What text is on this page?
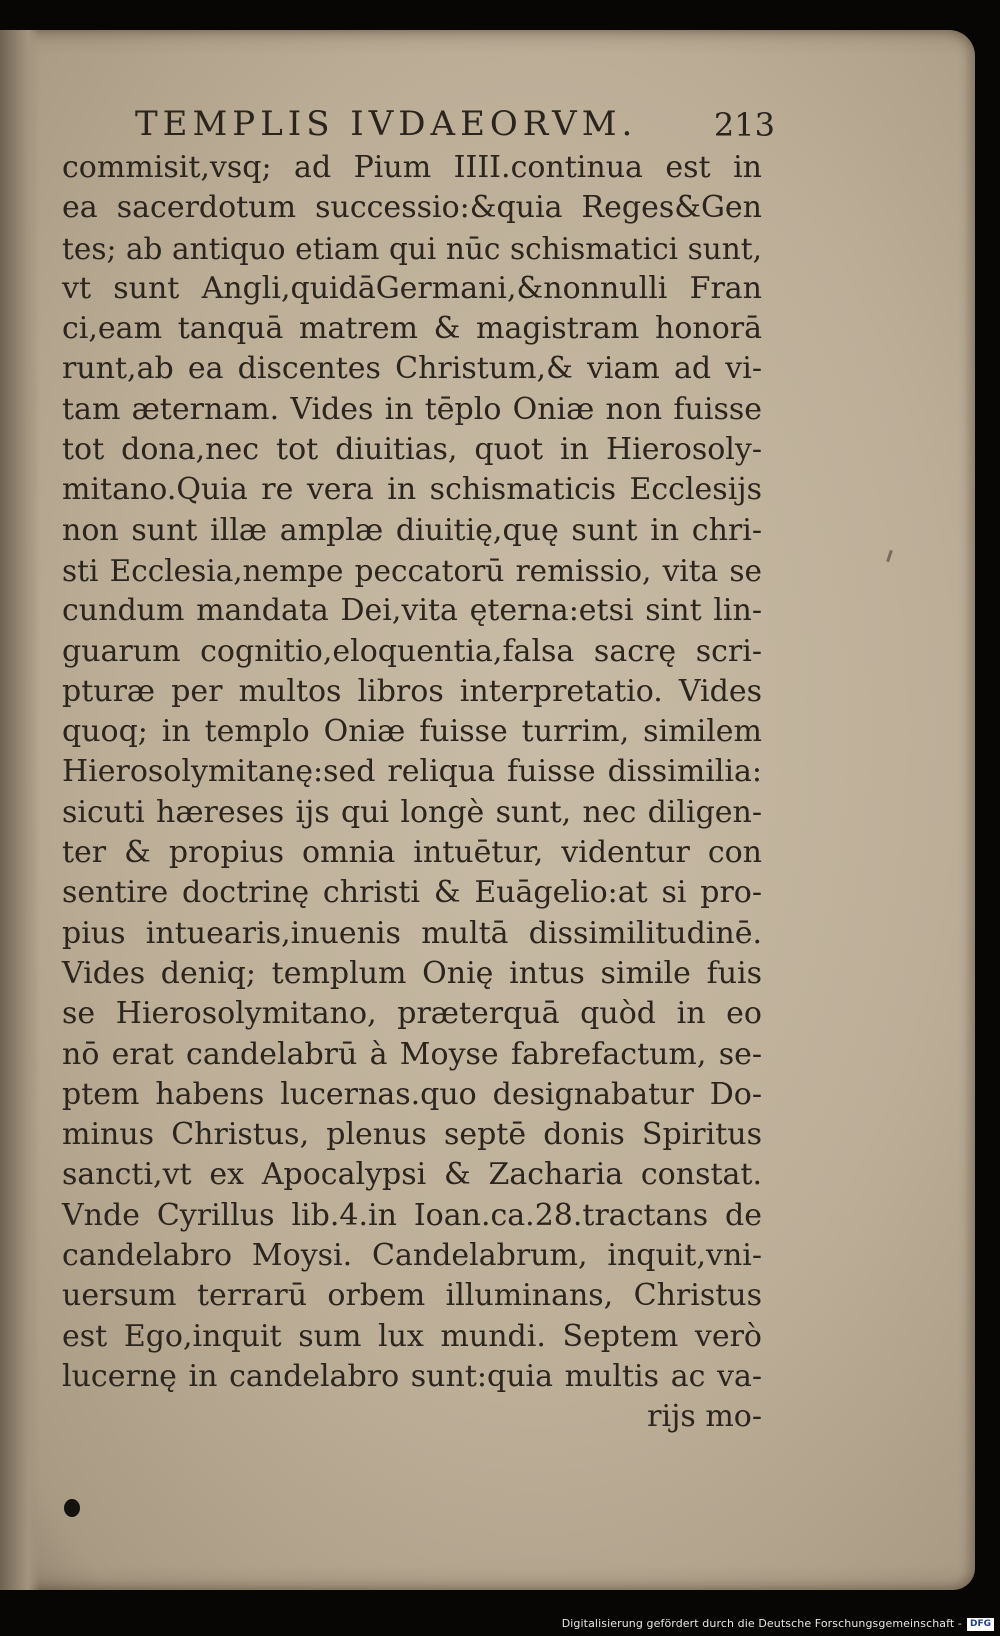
TEMPLIS IVDAEORVM. 213
commisit,vsq; ad Pium IIII.continua est in
ea sacerdotum successio:&quia Reges&Gen
tes; ab antiquo etiam qui nūc schismatici sunt,
vt sunt Angli,quidāGermani,&nonnulli Fran
ci,eam tanquā matrem & magistram honorā
runt,ab ea discentes Christum,& viam ad vi-
tam æternam. Vides in tēplo Oniæ non fuisse
tot dona,nec tot diuitias, quot in Hierosoly-
mitano.Quia re vera in schismaticis Ecclesijs
non sunt illæ amplæ diuitię,quę sunt in chri-
sti Ecclesia,nempe peccatorū remissio, vita se
cundum mandata Dei,vita ęterna:etsi sint lin-
guarum cognitio,eloquentia,falsa sacrę scri-
pturæ per multos libros interpretatio. Vides
quoq; in templo Oniæ fuisse turrim, similem
Hierosolymitanę:sed reliqua fuisse dissimilia:
sicuti hæreses ijs qui longè sunt, nec diligen-
ter & propius omnia intuētur, videntur con
sentire doctrinę christi & Euāgelio:at si pro-
pius intuearis,inuenis multā dissimilitudinē.
Vides deniq; templum Onię intus simile fuis
se Hierosolymitano, præterquā quòd in eo
nō erat candelabrū à Moyse fabrefactum, se-
ptem habens lucernas.quo designabatur Do-
minus Christus, plenus septē donis Spiritus
sancti,vt ex Apocalypsi & Zacharia constat.
Vnde Cyrillus lib.4.in Ioan.ca.28.tractans de
candelabro Moysi. Candelabrum, inquit,vni-
uersum terrarū orbem illuminans, Christus
est Ego,inquit sum lux mundi. Septem verò
lucernę in candelabro sunt:quia multis ac va-
rijs mo-
Digitalisierung gefördert durch die Deutsche Forschungsgemeinschaft - DFG
